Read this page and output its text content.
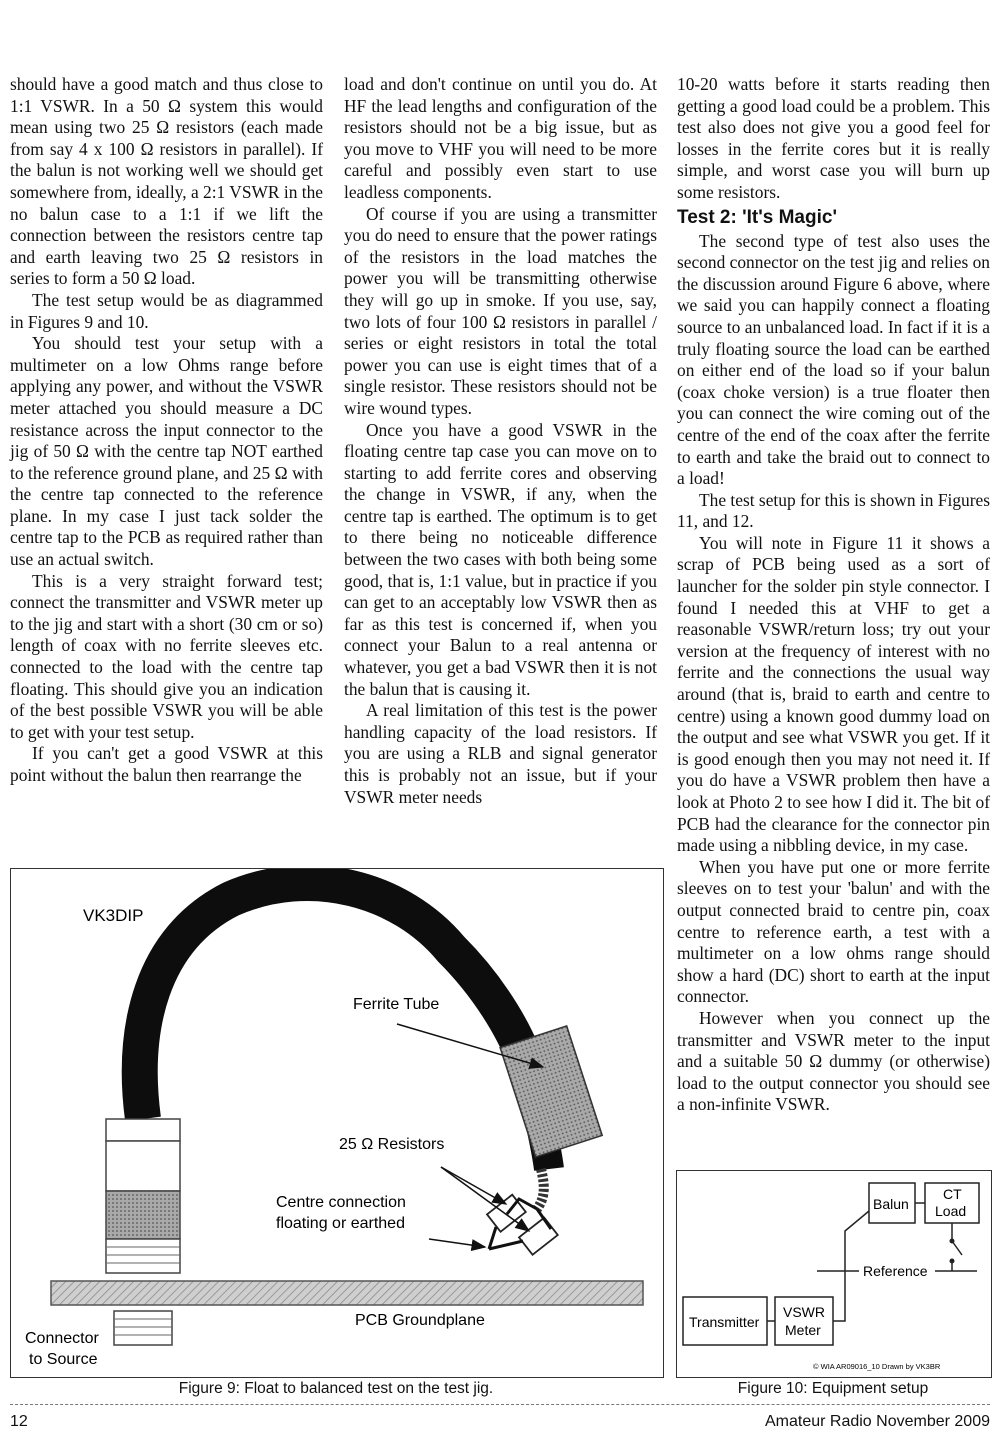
should have a good match and thus close to 1:1 VSWR. In a 50 Ω system this would mean using two 25 Ω resistors (each made from say 4 x 100 Ω resistors in parallel). If the balun is not working well we should get somewhere from, ideally, a 2:1 VSWR in the no balun case to a 1:1 if we lift the connection between the resistors centre tap and earth leaving two 25 Ω resistors in series to form a 50 Ω load.

The test setup would be as diagrammed in Figures 9 and 10.

You should test your setup with a multimeter on a low Ohms range before applying any power, and without the VSWR meter attached you should measure a DC resistance across the input connector to the jig of 50 Ω with the centre tap NOT earthed to the reference ground plane, and 25 Ω with the centre tap connected to the reference plane. In my case I just tack solder the centre tap to the PCB as required rather than use an actual switch.

This is a very straight forward test; connect the transmitter and VSWR meter up to the jig and start with a short (30 cm or so) length of coax with no ferrite sleeves etc. connected to the load with the centre tap floating. This should give you an indication of the best possible VSWR you will be able to get with your test setup.

If you can't get a good VSWR at this point without the balun then rearrange the

load and don't continue on until you do. At HF the lead lengths and configuration of the resistors should not be a big issue, but as you move to VHF you will need to be more careful and possibly even start to use leadless components.

Of course if you are using a transmitter you do need to ensure that the power ratings of the resistors in the load matches the power you will be transmitting otherwise they will go up in smoke. If you use, say, two lots of four 100 Ω resistors in parallel / series or eight resistors in total the total power you can use is eight times that of a single resistor. These resistors should not be wire wound types.

Once you have a good VSWR in the floating centre tap case you can move on to starting to add ferrite cores and observing the change in VSWR, if any, when the centre tap is earthed. The optimum is to get to there being no noticeable difference between the two cases with both being some good, that is, 1:1 value, but in practice if you can get to an acceptably low VSWR then as far as this test is concerned if, when you connect your Balun to a real antenna or whatever, you get a bad VSWR then it is not the balun that is causing it.

A real limitation of this test is the power handling capacity of the load resistors. If you are using a RLB and signal generator this is probably not an issue, but if your VSWR meter needs

10-20 watts before it starts reading then getting a good load could be a problem. This test also does not give you a good feel for losses in the ferrite cores but it is really simple, and worst case you will burn up some resistors.

Test 2: 'It's Magic'

The second type of test also uses the second connector on the test jig and relies on the discussion around Figure 6 above, where we said you can happily connect a floating source to an unbalanced load. In fact if it is a truly floating source the load can be earthed on either end of the load so if your balun (coax choke version) is a true floater then you can connect the wire coming out of the centre of the end of the coax after the ferrite to earth and take the braid out to connect to a load!

The test setup for this is shown in Figures 11, and 12.

You will note in Figure 11 it shows a scrap of PCB being used as a sort of launcher for the solder pin style connector. I found I needed this at VHF to get a reasonable VSWR/return loss; try out your version at the frequency of interest with no ferrite and the connections the usual way around (that is, braid to earth and centre to centre) using a known good dummy load on the output and see what VSWR you get. If it is good enough then you may not need it. If you do have a VSWR problem then have a look at Photo 2 to see how I did it. The bit of PCB had the clearance for the connector pin made using a nibbling device, in my case.

When you have put one or more ferrite sleeves on to test your 'balun' and with the output connected braid to centre pin, coax centre to reference earth, a test with a multimeter on a low ohms range should show a hard (DC) short to earth at the input connector.

However when you connect up the transmitter and VSWR meter to the input and a suitable 50 Ω dummy (or otherwise) load to the output connector you should see a non-infinite VSWR.

VK3DIP
Ferrite Tube
25 Ω Resistors
Centre connection
floating or earthed
PCB Groundplane
Connector
to Source
Figure 9: Float to balanced test on the test jig.
Transmitter
VSWR
Meter
Balun
CT
Load
Reference
© WIA AR09016_10 Drawn by VK3BR
Figure 10: Equipment setup
12	Amateur Radio November 2009
